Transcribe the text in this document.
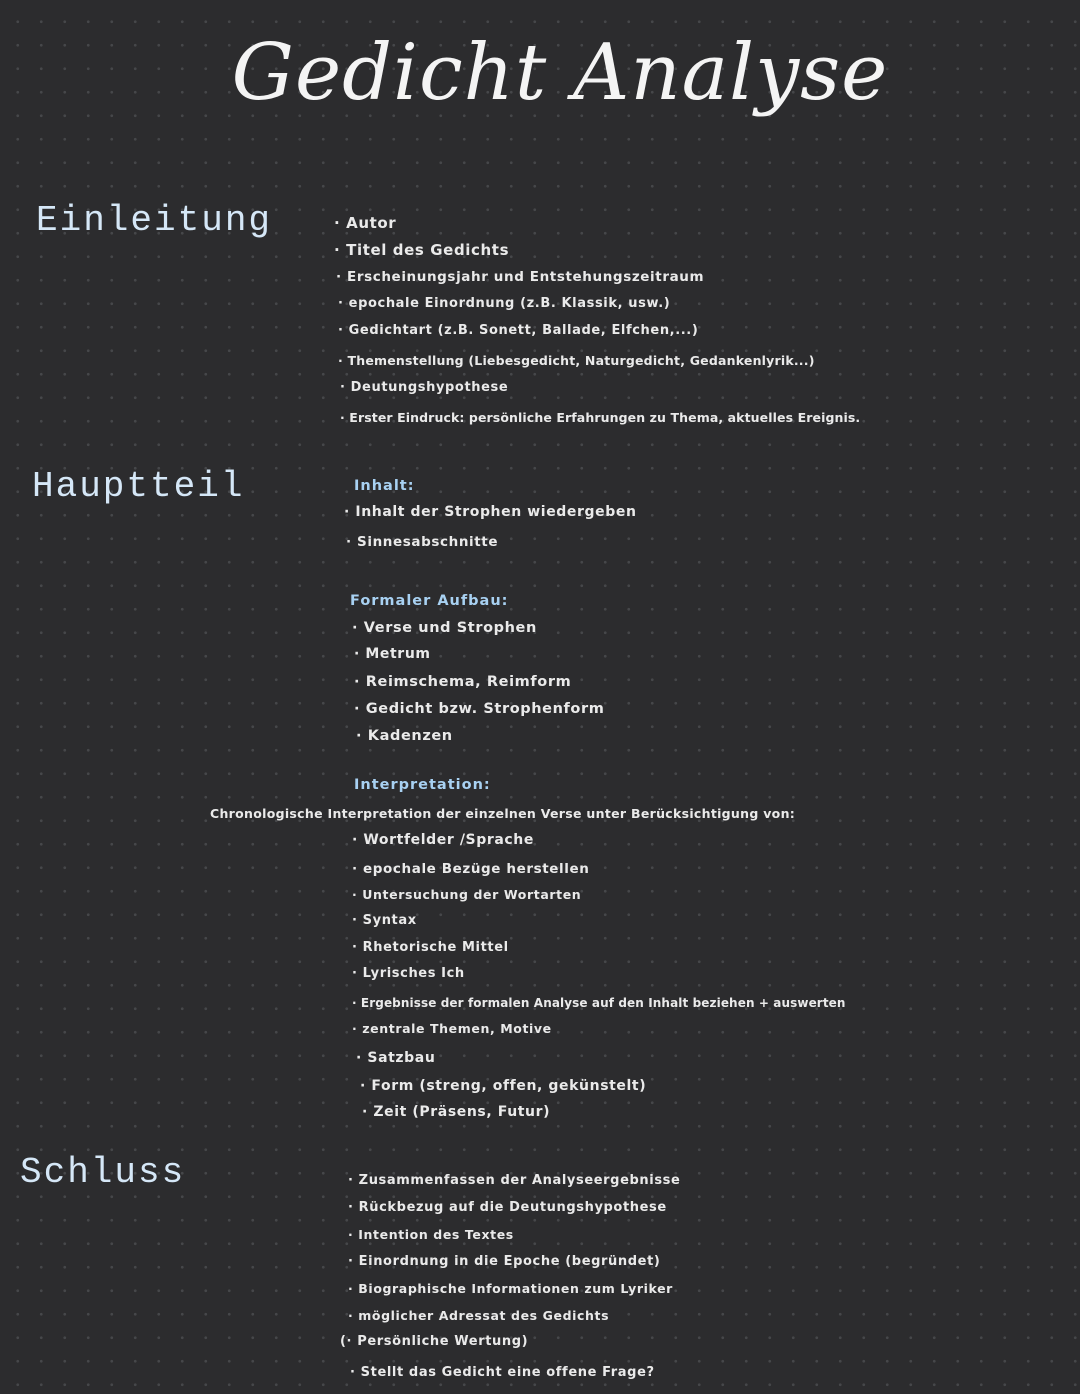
Gedicht Analyse
Einleitung	· Autor
· Titel des Gedichts
· Erscheinungsjahr und Entstehungszeitraum
· epochale Einordnung (z.B. Klassik, usw.)
· Gedichtart (z.B. Sonett, Ballade, Elfchen,...)
· Themenstellung (Liebesgedicht, Naturgedicht, Gedankenlyrik...)
· Deutungshypothese
· Erster Eindruck: persönliche Erfahrungen zu Thema, aktuelles Ereignis.
Hauptteil	Inhalt:
· Inhalt der Strophen wiedergeben
· Sinnesabschnitte
Formaler Aufbau:
· Verse und Strophen
· Metrum
· Reimschema, Reimform
· Gedicht bzw. Strophenform
· Kadenzen
Interpretation:
Chronologische Interpretation der einzelnen Verse unter Berücksichtigung von:
· Wortfelder /Sprache
· epochale Bezüge herstellen
· Untersuchung der Wortarten
· Syntax
· Rhetorische Mittel
· Lyrisches Ich
· Ergebnisse der formalen Analyse auf den Inhalt beziehen + auswerten
· zentrale Themen, Motive
· Satzbau
· Form (streng, offen, gekünstelt)
· Zeit (Präsens, Futur)
Schluss	· Zusammenfassen der Analyseergebnisse
· Rückbezug auf die Deutungshypothese
· Intention des Textes
· Einordnung in die Epoche (begründet)
· Biographische Informationen zum Lyriker
· möglicher Adressat des Gedichts
(· Persönliche Wertung)
· Stellt das Gedicht eine offene Frage?
